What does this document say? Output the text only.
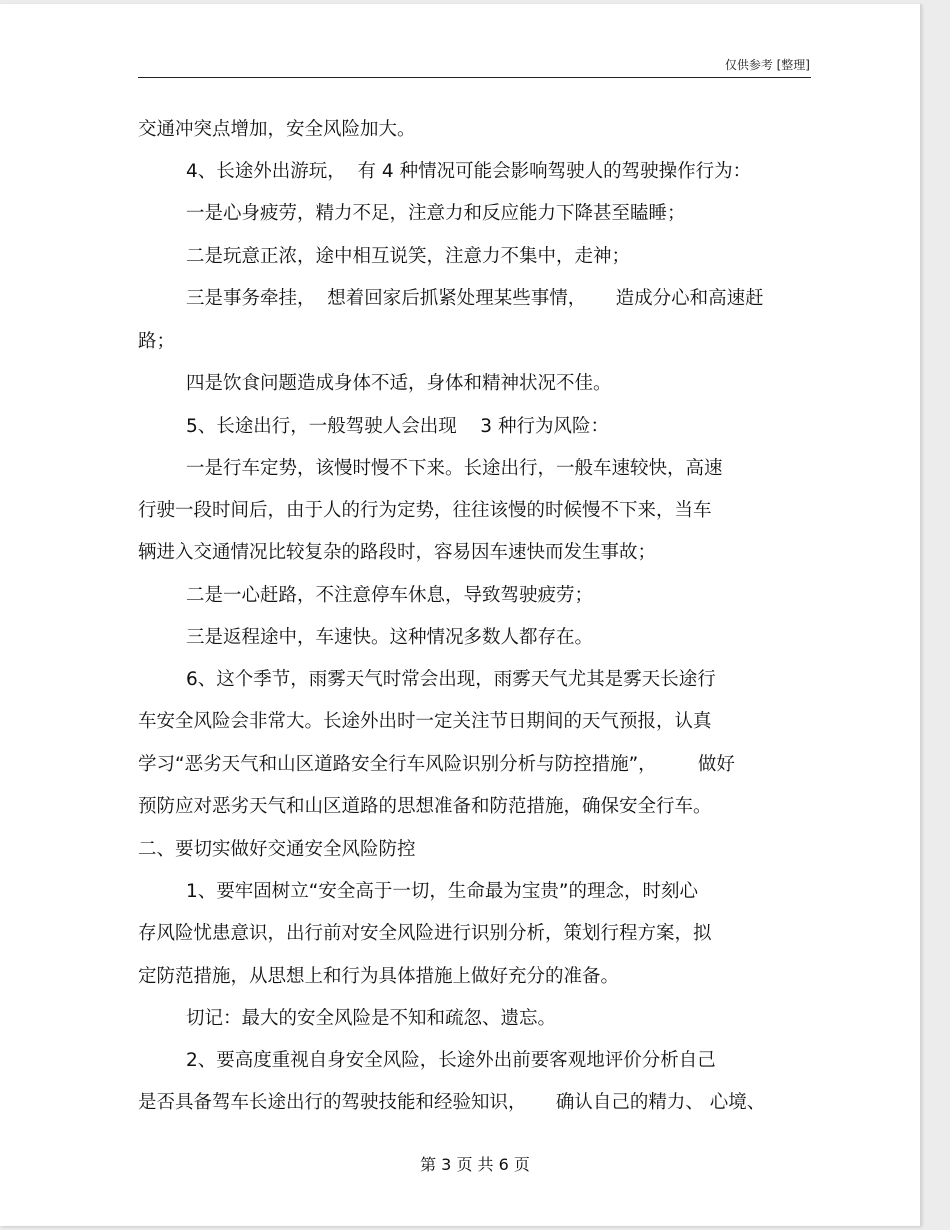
仅供参考 [整理]
交通冲突点增加，安全风险加大。
4、长途外出游玩，  有 4 种情况可能会影响驾驶人的驾驶操作行为：
一是心身疲劳，精力不足，注意力和反应能力下降甚至瞌睡；
二是玩意正浓，途中相互说笑，注意力不集中，走神；
三是事务牵挂，  想着回家后抓紧处理某些事情，     造成分心和高速赶
路；
四是饮食问题造成身体不适，身体和精神状况不佳。
5、长途出行，一般驾驶人会出现    3 种行为风险：
一是行车定势，该慢时慢不下来。长途出行，一般车速较快，高速
行驶一段时间后，由于人的行为定势，往往该慢的时候慢不下来，当车
辆进入交通情况比较复杂的路段时，容易因车速快而发生事故；
二是一心赶路，不注意停车休息，导致驾驶疲劳；
三是返程途中，车速快。这种情况多数人都存在。
6、这个季节，雨雾天气时常会出现，雨雾天气尤其是雾天长途行
车安全风险会非常大。长途外出时一定关注节日期间的天气预报，认真
学习“恶劣天气和山区道路安全行车风险识别分析与防控措施”，       做好
预防应对恶劣天气和山区道路的思想准备和防范措施，确保安全行车。
二、要切实做好交通安全风险防控
1、要牢固树立“安全高于一切，生命最为宝贵”的理念，时刻心
存风险忧患意识，出行前对安全风险进行识别分析，策划行程方案，拟
定防范措施，从思想上和行为具体措施上做好充分的准备。
切记：最大的安全风险是不知和疏忽、遗忘。
2、要高度重视自身安全风险，长途外出前要客观地评价分析自己
是否具备驾车长途出行的驾驶技能和经验知识，     确认自己的精力、 心境、
第 3 页 共 6 页
